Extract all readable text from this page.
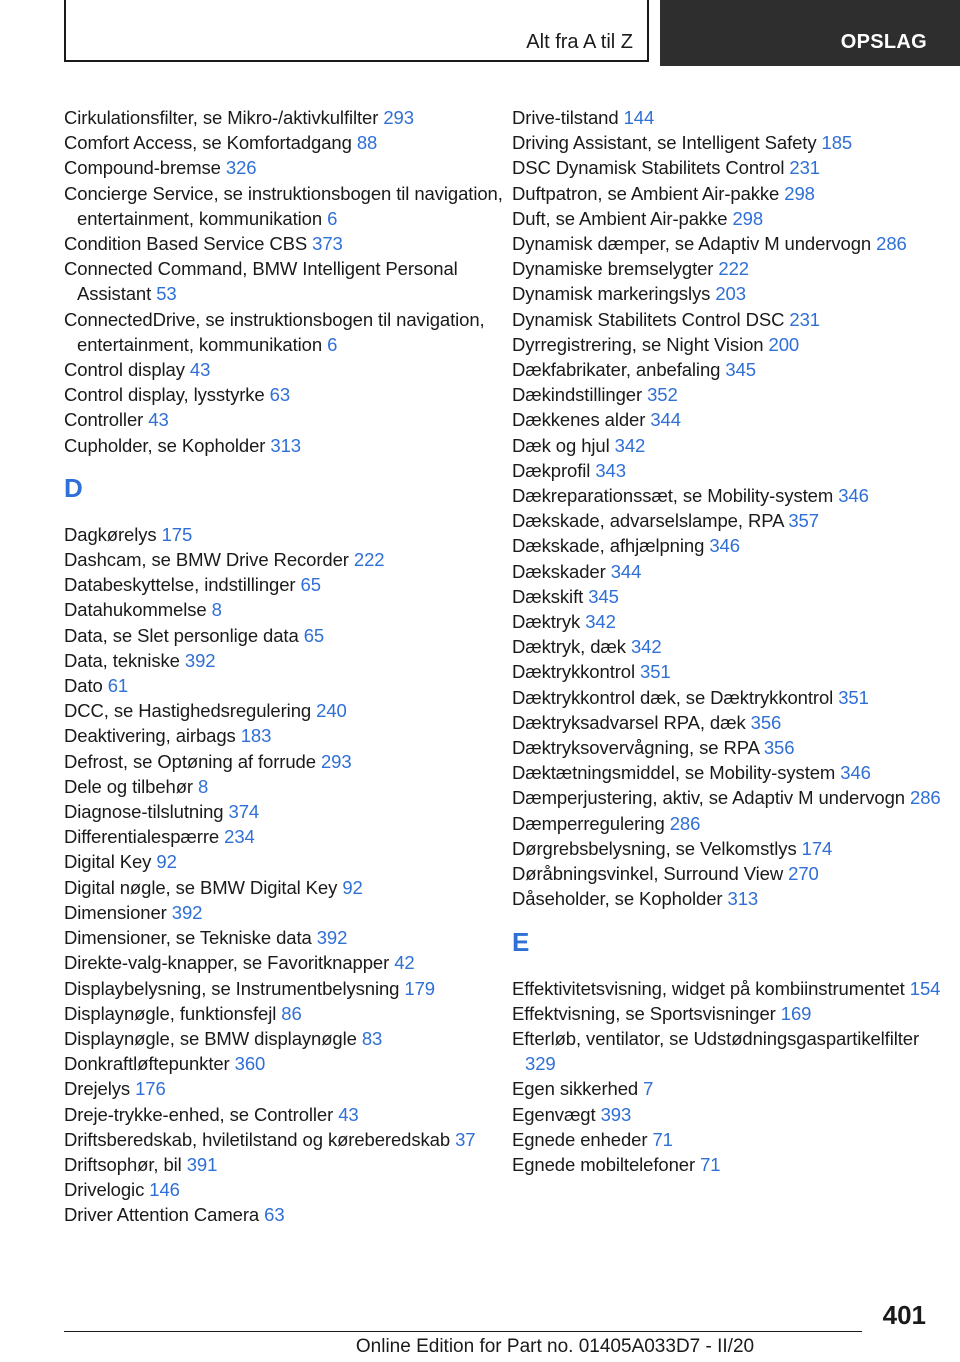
Alt fra A til Z	OPSLAG
Cirkulationsfilter, se Mikro-/aktivkulfilter 293
Comfort Access, se Komfortadgang 88
Compound-bremse 326
Concierge Service, se instruktionsbogen til navigation, entertainment, kommunikation 6
Condition Based Service CBS 373
Connected Command, BMW Intelligent Personal Assistant 53
ConnectedDrive, se instruktionsbogen til navigation, entertainment, kommunikation 6
Control display 43
Control display, lysstyrke 63
Controller 43
Cupholder, se Kopholder 313
D
Dagkørelys 175
Dashcam, se BMW Drive Recorder 222
Databeskyttelse, indstillinger 65
Datahukommelse 8
Data, se Slet personlige data 65
Data, tekniske 392
Dato 61
DCC, se Hastighedsregulering 240
Deaktivering, airbags 183
Defrost, se Optøning af forrude 293
Dele og tilbehør 8
Diagnose-tilslutning 374
Differentialespærre 234
Digital Key 92
Digital nøgle, se BMW Digital Key 92
Dimensioner 392
Dimensioner, se Tekniske data 392
Direkte-valg-knapper, se Favoritknapper 42
Displaybelysning, se Instrumentbelysning 179
Displaynøgle, funktionsfejl 86
Displaynøgle, se BMW displaynøgle 83
Donkraftløftepunkter 360
Drejelys 176
Dreje-trykke-enhed, se Controller 43
Driftsberedskab, hviletilstand og køreberedskab 37
Driftsophør, bil 391
Drivelogic 146
Driver Attention Camera 63
Drive-tilstand 144
Driving Assistant, se Intelligent Safety 185
DSC Dynamisk Stabilitets Control 231
Duftpatron, se Ambient Air-pakke 298
Duft, se Ambient Air-pakke 298
Dynamisk dæmper, se Adaptiv M undervogn 286
Dynamiske bremselygter 222
Dynamisk markeringslys 203
Dynamisk Stabilitets Control DSC 231
Dyrregistrering, se Night Vision 200
Dækfabrikater, anbefaling 345
Dækindstillinger 352
Dækkenes alder 344
Dæk og hjul 342
Dækprofil 343
Dækreparationssæt, se Mobility-system 346
Dækskade, advarselslampe, RPA 357
Dækskade, afhjælpning 346
Dækskader 344
Dækskift 345
Dæktryk 342
Dæktryk, dæk 342
Dæktrykkontrol 351
Dæktrykkontrol dæk, se Dæktrykkontrol 351
Dæktryksadvarsel RPA, dæk 356
Dæktryksovervågning, se RPA 356
Dæktætningsmiddel, se Mobility-system 346
Dæmperjustering, aktiv, se Adaptiv M undervogn 286
Dæmperregulering 286
Dørgrebsbelysning, se Velkomstlys 174
Døråbningsvinkel, Surround View 270
Dåseholder, se Kopholder 313
E
Effektivitetsvisning, widget på kombiinstrumentet 154
Effektvisning, se Sportsvisninger 169
Efterløb, ventilator, se Udstødningsgaspartikelfilter 329
Egen sikkerhed 7
Egenvægt 393
Egnede enheder 71
Egnede mobiltelefoner 71
401
Online Edition for Part no. 01405A033D7 - II/20
